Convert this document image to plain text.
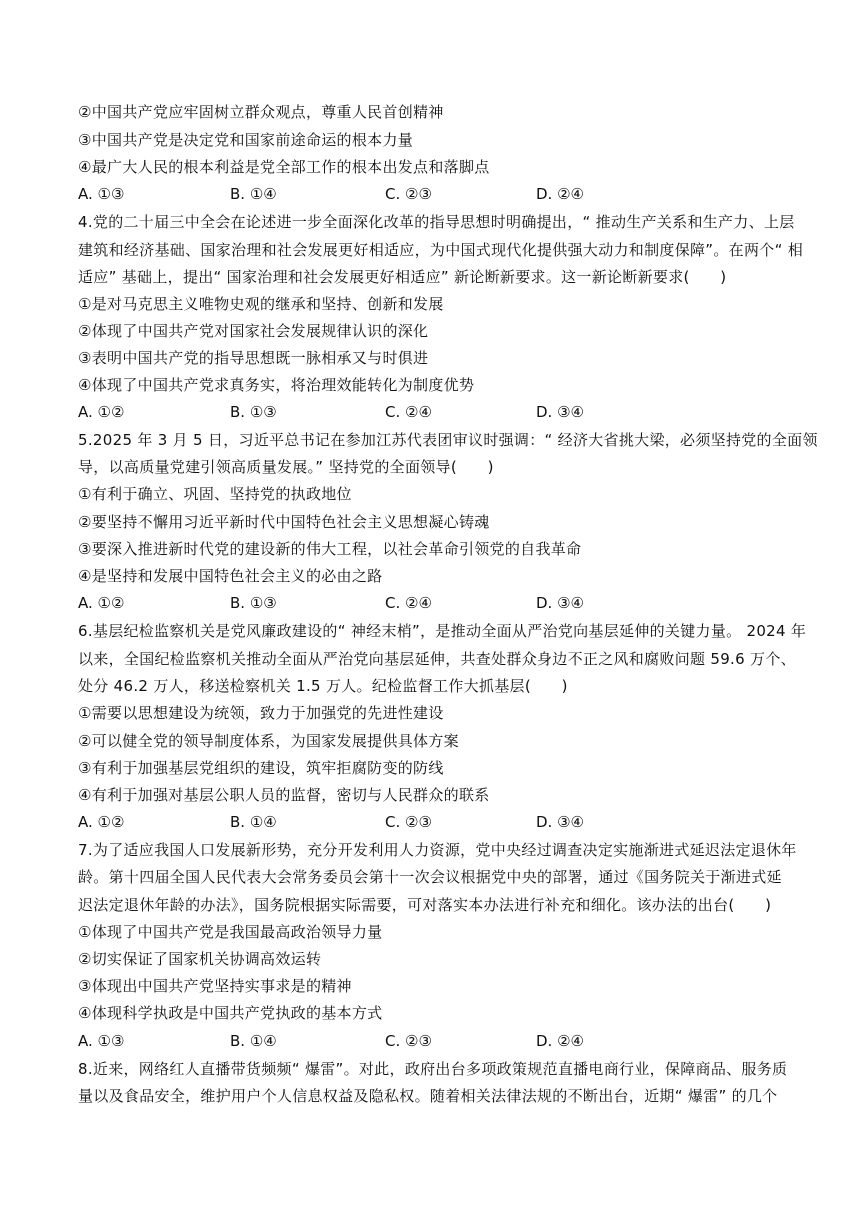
②中国共产党应牢固树立群众观点，尊重人民首创精神
③中国共产党是决定党和国家前途命运的根本力量
④最广大人民的根本利益是党全部工作的根本出发点和落脚点
A. ①③	B. ①④	C. ②③	D. ②④
4.党的二十届三中全会在论述进一步全面深化改革的指导思想时明确提出，“ 推动生产关系和生产力、上层
建筑和经济基础、国家治理和社会发展更好相适应，为中国式现代化提供强大动力和制度保障”。在两个“ 相
适应” 基础上，提出“ 国家治理和社会发展更好相适应” 新论断新要求。这一新论断新要求(　　)
①是对马克思主义唯物史观的继承和坚持、创新和发展
②体现了中国共产党对国家社会发展规律认识的深化
③表明中国共产党的指导思想既一脉相承又与时俱进
④体现了中国共产党求真务实，将治理效能转化为制度优势
A. ①②	B. ①③	C. ②④	D. ③④
5.2025 年 3 月 5 日，习近平总书记在参加江苏代表团审议时强调：“ 经济大省挑大梁，必须坚持党的全面领
导，以高质量党建引领高质量发展。” 坚持党的全面领导(　　)
①有利于确立、巩固、坚持党的执政地位
②要坚持不懈用习近平新时代中国特色社会主义思想凝心铸魂
③要深入推进新时代党的建设新的伟大工程，以社会革命引领党的自我革命
④是坚持和发展中国特色社会主义的必由之路
A. ①②	B. ①③	C. ②④	D. ③④
6.基层纪检监察机关是党风廉政建设的“ 神经末梢”，是推动全面从严治党向基层延伸的关键力量。 2024 年
以来，全国纪检监察机关推动全面从严治党向基层延伸，共查处群众身边不正之风和腐败问题 59.6 万个、
处分 46.2 万人，移送检察机关 1.5 万人。纪检监督工作大抓基层(　　)
①需要以思想建设为统领，致力于加强党的先进性建设
②可以健全党的领导制度体系，为国家发展提供具体方案
③有利于加强基层党组织的建设，筑牢拒腐防变的防线
④有利于加强对基层公职人员的监督，密切与人民群众的联系
A. ①②	B. ①④	C. ②③	D. ③④
7.为了适应我国人口发展新形势，充分开发利用人力资源，党中央经过调查决定实施渐进式延迟法定退休年
龄。第十四届全国人民代表大会常务委员会第十一次会议根据党中央的部署，通过《国务院关于渐进式延
迟法定退休年龄的办法》，国务院根据实际需要，可对落实本办法进行补充和细化。该办法的出台(　　)
①体现了中国共产党是我国最高政治领导力量
②切实保证了国家机关协调高效运转
③体现出中国共产党坚持实事求是的精神
④体现科学执政是中国共产党执政的基本方式
A. ①③	B. ①④	C. ②③	D. ②④
8.近来，网络红人直播带货频频“ 爆雷”。对此，政府出台多项政策规范直播电商行业，保障商品、服务质
量以及食品安全，维护用户个人信息权益及隐私权。随着相关法律法规的不断出台，近期“ 爆雷” 的几个
